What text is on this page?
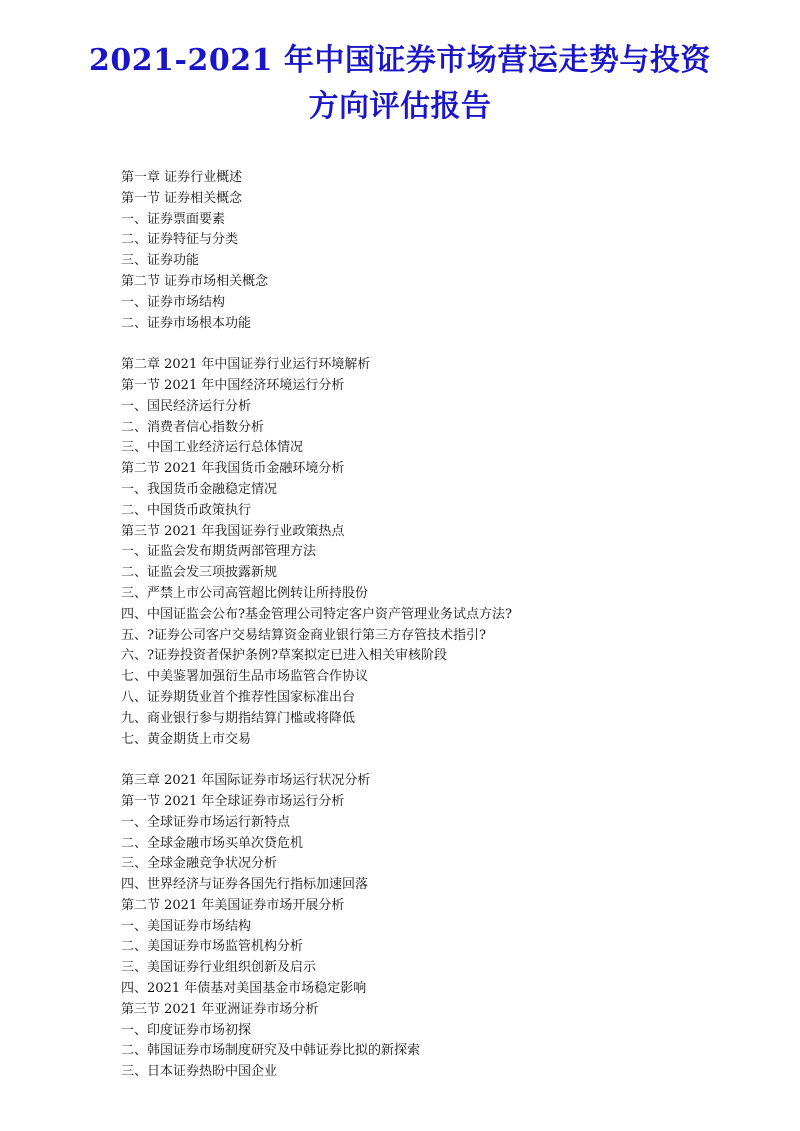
2021-2021 年中国证券市场营运走势与投资
方向评估报告
第一章 证券行业概述
第一节 证券相关概念
一、证券票面要素
二、证券特征与分类
三、证券功能
第二节 证券市场相关概念
一、证券市场结构
二、证券市场根本功能
第二章 2021 年中国证券行业运行环境解析
第一节 2021 年中国经济环境运行分析
一、国民经济运行分析
二、消费者信心指数分析
三、中国工业经济运行总体情况
第二节 2021 年我国货币金融环境分析
一、我国货币金融稳定情况
二、中国货币政策执行
第三节 2021 年我国证券行业政策热点
一、证监会发布期货两部管理方法
二、证监会发三项披露新规
三、严禁上市公司高管超比例转让所持股份
四、中国证监会公布?基金管理公司特定客户资产管理业务试点方法?
五、?证券公司客户交易结算资金商业银行第三方存管技术指引?
六、?证券投资者保护条例?草案拟定已进入相关审核阶段
七、中美鉴署加强衍生品市场监管合作协议
八、证券期货业首个推荐性国家标准出台
九、商业银行参与期指结算门槛或将降低
七、黄金期货上市交易
第三章 2021 年国际证券市场运行状况分析
第一节 2021 年全球证券市场运行分析
一、全球证券市场运行新特点
二、全球金融市场买单次贷危机
三、全球金融竞争状况分析
四、世界经济与证券各国先行指标加速回落
第二节 2021 年美国证券市场开展分析
一、美国证券市场结构
二、美国证券市场监管机构分析
三、美国证券行业组织创新及启示
四、2021 年债基对美国基金市场稳定影响
第三节 2021 年亚洲证券市场分析
一、印度证券市场初探
二、韩国证券市场制度研究及中韩证券比拟的新探索
三、日本证券热盼中国企业
